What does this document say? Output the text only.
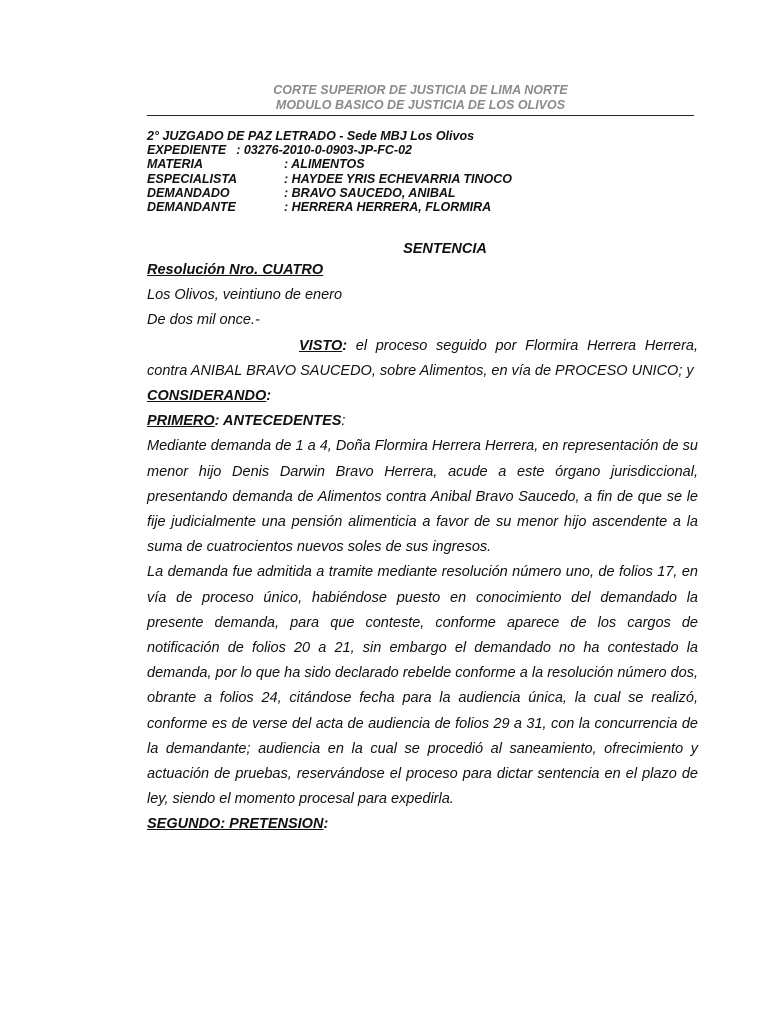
CORTE SUPERIOR DE JUSTICIA DE LIMA NORTE
MODULO BASICO DE JUSTICIA DE LOS OLIVOS
2° JUZGADO DE PAZ LETRADO - Sede MBJ Los Olivos
EXPEDIENTE : 03276-2010-0-0903-JP-FC-02
MATERIA	: ALIMENTOS
ESPECIALISTA	: HAYDEE YRIS ECHEVARRIA TINOCO
DEMANDADO	: BRAVO SAUCEDO, ANIBAL
DEMANDANTE	: HERRERA HERRERA, FLORMIRA
SENTENCIA

Resolución Nro. CUATRO

Los Olivos, veintiuno de enero

De dos mil once.-

VISTO: el proceso seguido por Flormira Herrera Herrera, contra ANIBAL BRAVO SAUCEDO, sobre Alimentos, en vía de PROCESO UNICO; y

CONSIDERANDO:

PRIMERO: ANTECEDENTES:

Mediante demanda de 1 a 4, Doña Flormira Herrera Herrera, en representación de su menor hijo Denis Darwin Bravo Herrera, acude a este órgano jurisdiccional, presentando demanda de Alimentos contra Anibal Bravo Saucedo, a fin de que se le fije judicialmente una pensión alimenticia a favor de su menor hijo ascendente a la suma de cuatrocientos nuevos soles de sus ingresos.

La demanda fue admitida a tramite mediante resolución número uno, de folios 17, en vía de proceso único, habiéndose puesto en conocimiento del demandado la presente demanda, para que conteste, conforme aparece de los cargos de notificación de folios 20 a 21, sin embargo el demandado no ha contestado la demanda, por lo que ha sido declarado rebelde conforme a la resolución número dos, obrante a folios 24, citándose fecha para la audiencia única, la cual se realizó, conforme es de verse del acta de audiencia de folios 29 a 31, con la concurrencia de la demandante; audiencia en la cual se procedió al saneamiento, ofrecimiento y actuación de pruebas, reservándose el proceso para dictar sentencia en el plazo de ley, siendo el momento procesal para expedirla.

SEGUNDO: PRETENSION:
